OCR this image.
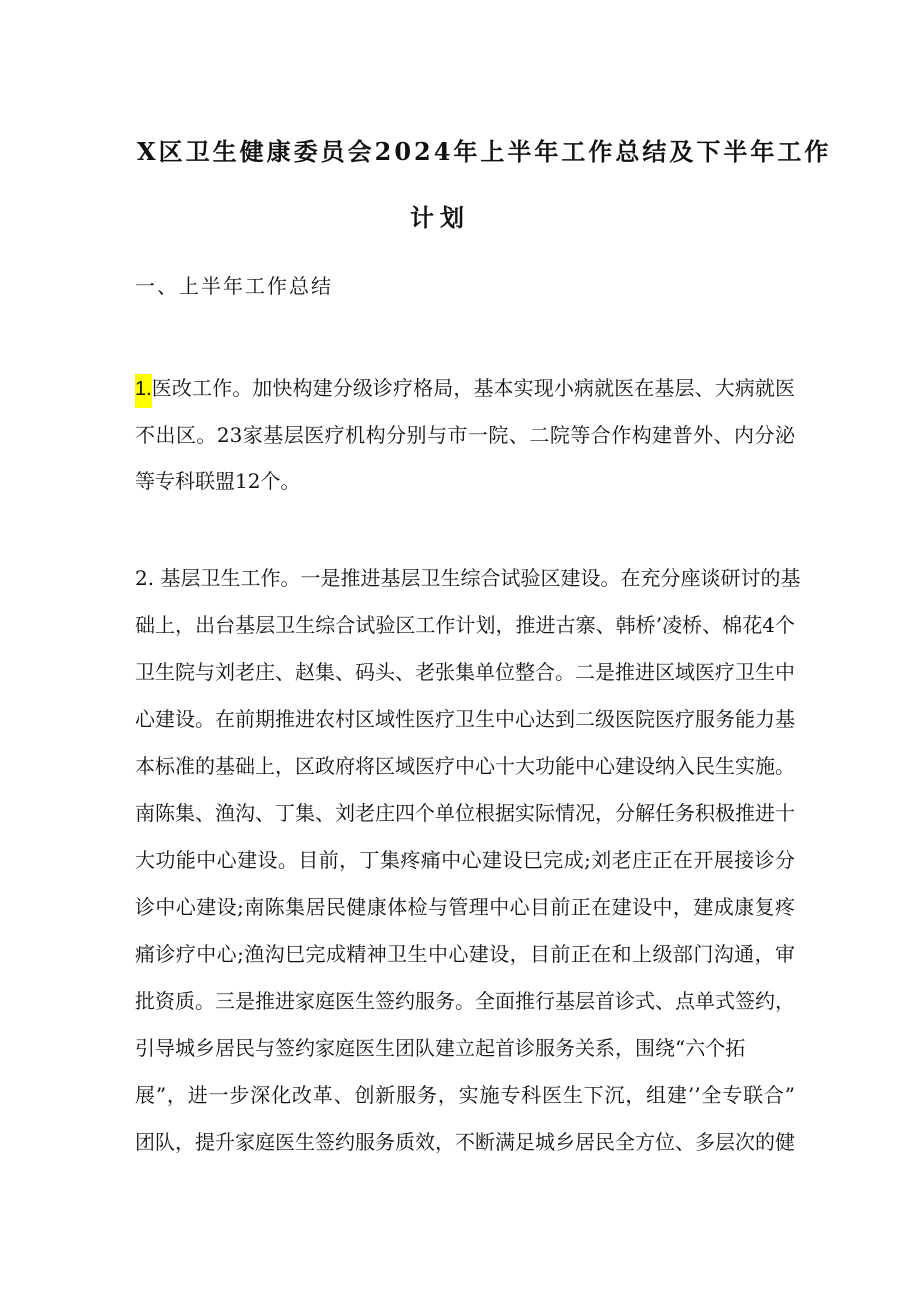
X区卫生健康委员会2024年上半年工作总结及下半年工作
计划
一、上半年工作总结
1.医改工作。加快构建分级诊疗格局，基本实现小病就医在基层、大病就医
不出区。23家基层医疗机构分别与市一院、二院等合作构建普外、内分泌
等专科联盟12个。
2. 基层卫生工作。一是推进基层卫生综合试验区建设。在充分座谈研讨的基
础上，出台基层卫生综合试验区工作计划，推进古寨、韩桥’凌桥、棉花4个
卫生院与刘老庄、赵集、码头、老张集单位整合。二是推进区域医疗卫生中
心建设。在前期推进农村区域性医疗卫生中心达到二级医院医疗服务能力基
本标准的基础上，区政府将区域医疗中心十大功能中心建设纳入民生实施。
南陈集、渔沟、丁集、刘老庄四个单位根据实际情况，分解任务积极推进十
大功能中心建设。目前，丁集疼痛中心建设巳完成;刘老庄正在开展接诊分
诊中心建设;南陈集居民健康体检与管理中心目前正在建设中，建成康复疼
痛诊疗中心;渔沟巳完成精神卫生中心建设，目前正在和上级部门沟通，审
批资质。三是推进家庭医生签约服务。全面推行基层首诊式、点单式签约，
引导城乡居民与签约家庭医生团队建立起首诊服务关系，围绕“六个拓
展”，进一步深化改革、创新服务，实施专科医生下沉，组建’’全专联合”
团队，提升家庭医生签约服务质效，不断满足城乡居民全方位、多层次的健
